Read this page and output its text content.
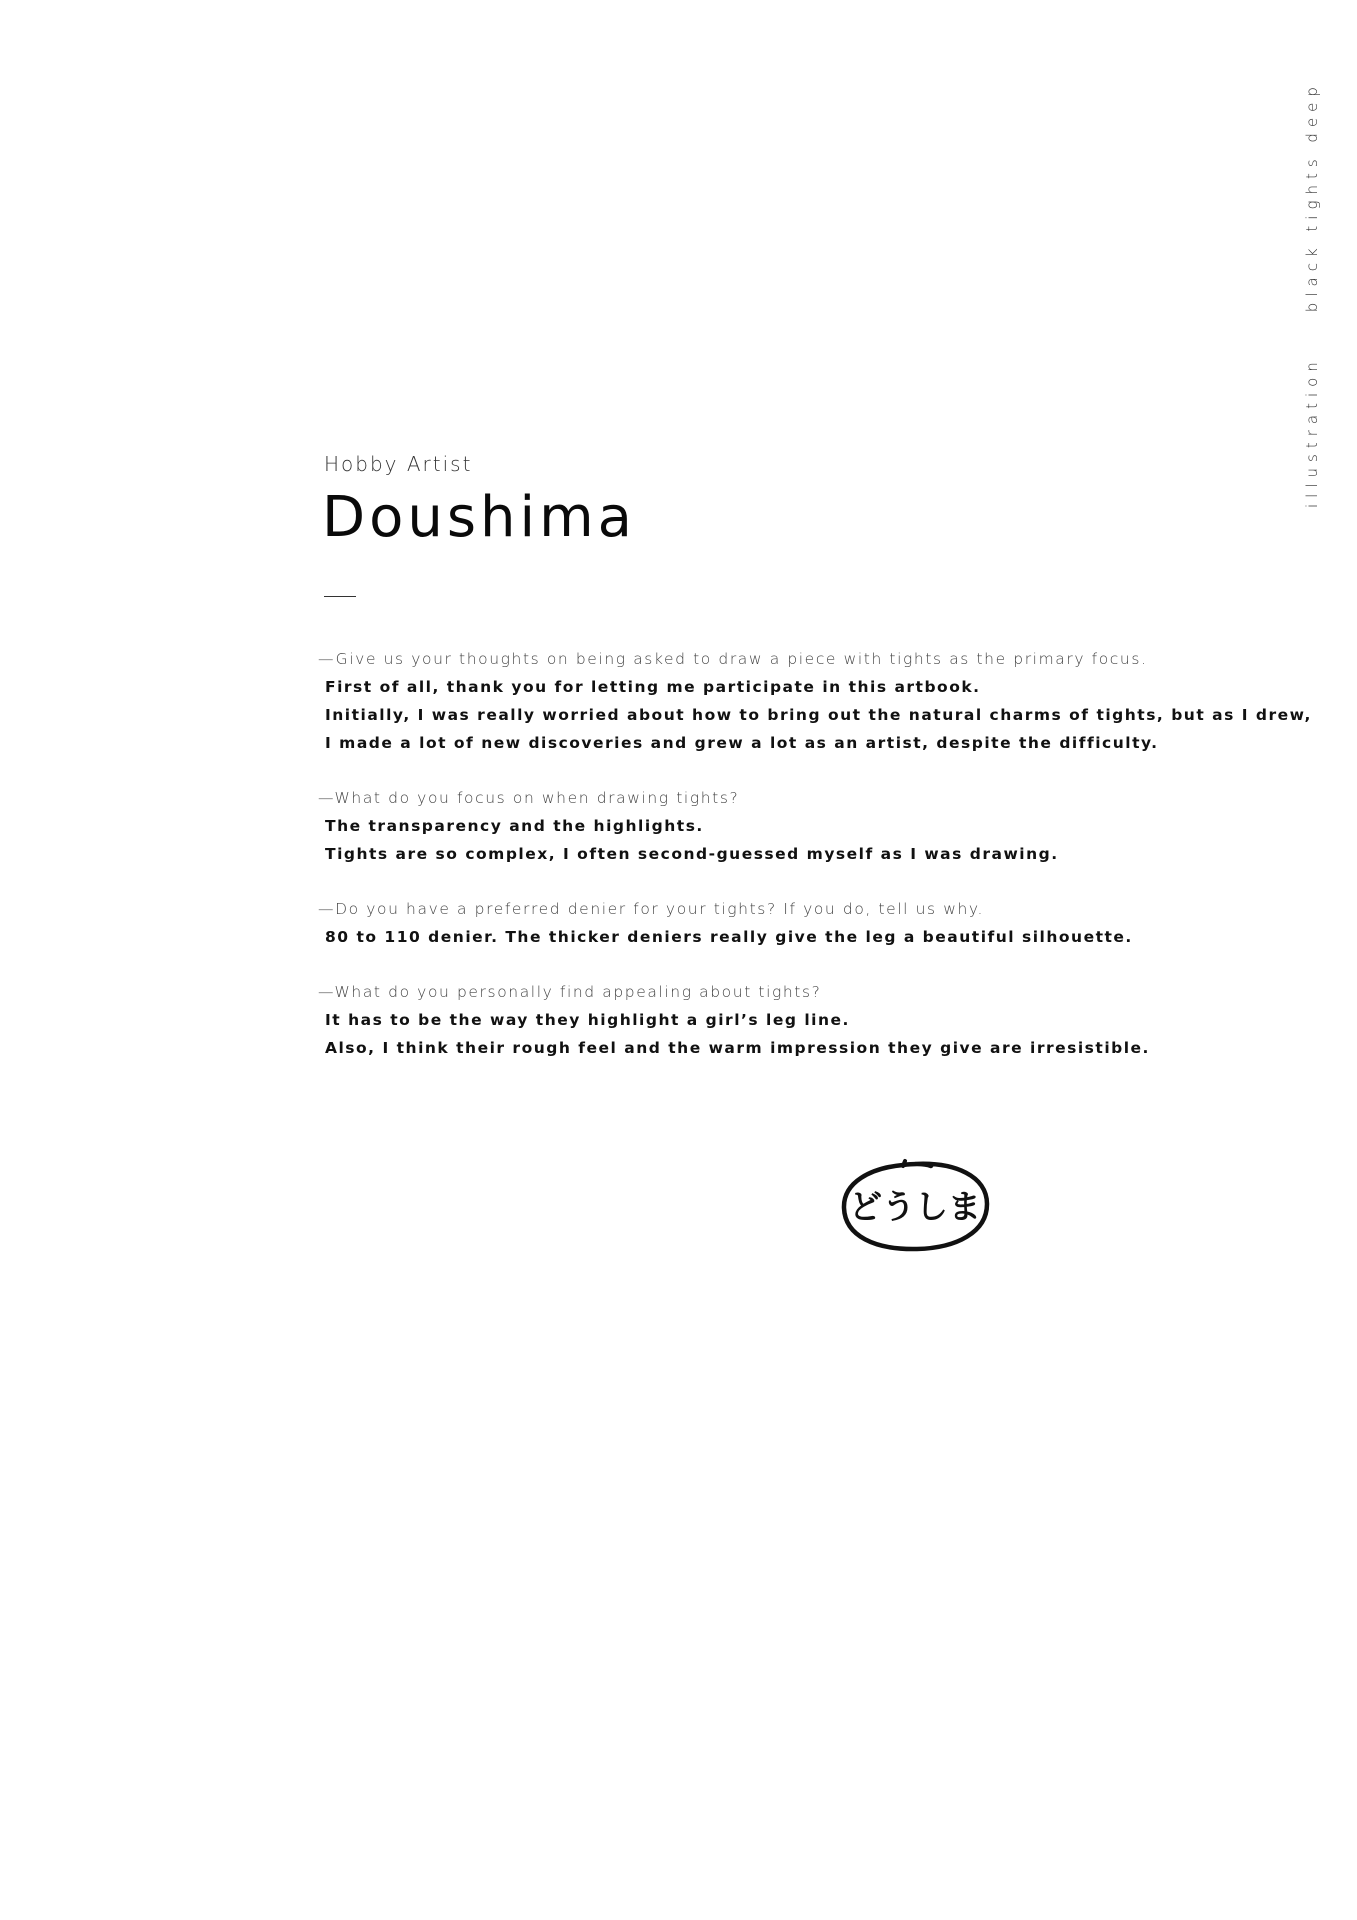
illustration
black tights deep
Hobby Artist
Doushima
—Give us your thoughts on being asked to draw a piece with tights as the primary focus.
First of all, thank you for letting me participate in this artbook.
Initially, I was really worried about how to bring out the natural charms of tights, but as I drew,
I made a lot of new discoveries and grew a lot as an artist, despite the difficulty.
—What do you focus on when drawing tights?
The transparency and the highlights.
Tights are so complex, I often second-guessed myself as I was drawing.
—Do you have a preferred denier for your tights? If you do, tell us why.
80 to 110 denier. The thicker deniers really give the leg a beautiful silhouette.
—What do you personally find appealing about tights?
It has to be the way they highlight a girl’s leg line.
Also, I think their rough feel and the warm impression they give are irresistible.
どうしま
